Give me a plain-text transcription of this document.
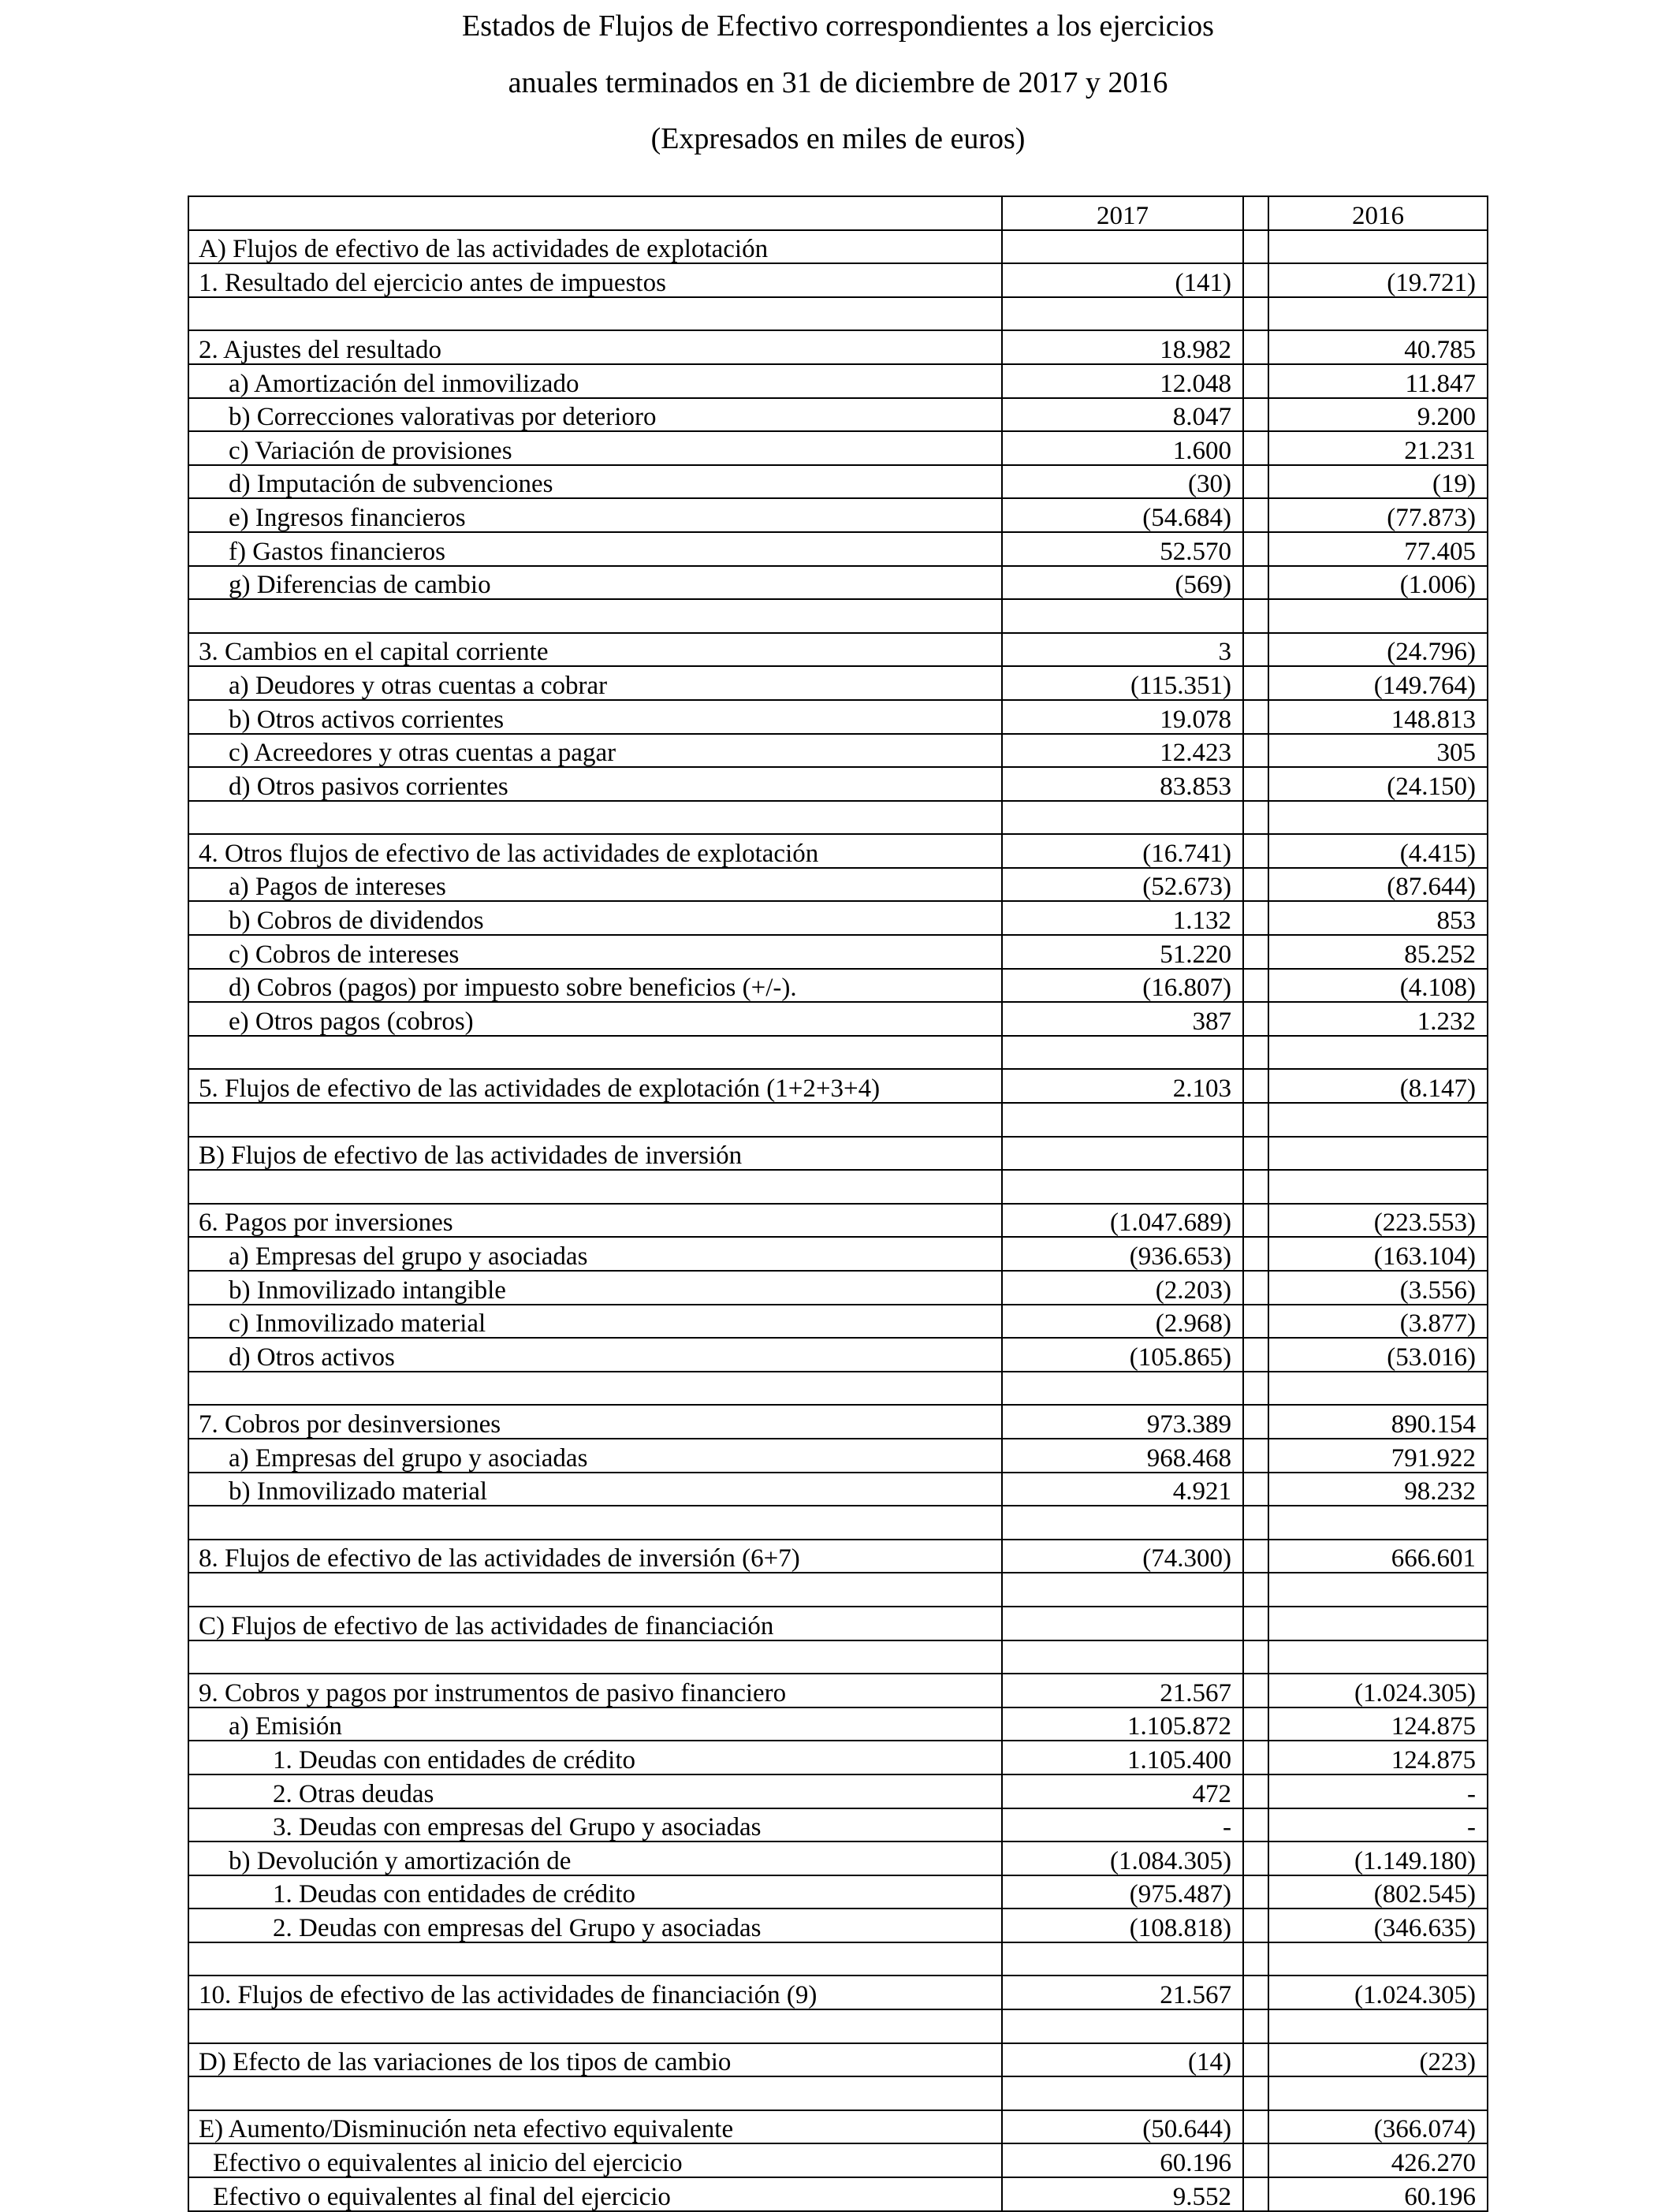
Estados de Flujos de Efectivo correspondientes a los ejercicios
anuales terminados en 31 de diciembre de 2017 y 2016
(Expresados en miles de euros)
	2017		2016
A) Flujos de efectivo de las actividades de explotación			
1. Resultado del ejercicio antes de impuestos	(141)		(19.721)

2. Ajustes del resultado	18.982		40.785
a) Amortización del inmovilizado	12.048		11.847
b) Correcciones valorativas por deterioro	8.047		9.200
c) Variación de provisiones	1.600		21.231
d) Imputación de subvenciones	(30)		(19)
e) Ingresos financieros	(54.684)		(77.873)
f) Gastos financieros	52.570		77.405
g) Diferencias de cambio	(569)		(1.006)

3. Cambios en el capital corriente	3		(24.796)
a) Deudores y otras cuentas a cobrar	(115.351)		(149.764)
b) Otros activos corrientes	19.078		148.813
c) Acreedores y otras cuentas a pagar	12.423		305
d) Otros pasivos corrientes	83.853		(24.150)

4. Otros flujos de efectivo de las actividades de explotación	(16.741)		(4.415)
a) Pagos de intereses	(52.673)		(87.644)
b) Cobros de dividendos	1.132		853
c) Cobros de intereses	51.220		85.252
d) Cobros (pagos) por impuesto sobre beneficios (+/-).	(16.807)		(4.108)
e) Otros pagos (cobros)	387		1.232

5. Flujos de efectivo de las actividades de explotación (1+2+3+4)	2.103		(8.147)

B) Flujos de efectivo de las actividades de inversión			

6. Pagos por inversiones	(1.047.689)		(223.553)
a) Empresas del grupo y asociadas	(936.653)		(163.104)
b) Inmovilizado intangible	(2.203)		(3.556)
c) Inmovilizado material	(2.968)		(3.877)
d) Otros activos	(105.865)		(53.016)

7. Cobros por desinversiones	973.389		890.154
a) Empresas del grupo y asociadas	968.468		791.922
b) Inmovilizado material	4.921		98.232

8. Flujos de efectivo de las actividades de inversión (6+7)	(74.300)		666.601

C) Flujos de efectivo de las actividades de financiación			

9. Cobros y pagos por instrumentos de pasivo financiero	21.567		(1.024.305)
a) Emisión	1.105.872		124.875
1. Deudas con entidades de crédito	1.105.400		124.875
2. Otras deudas	472		-
3. Deudas con empresas del Grupo y asociadas	-		-
b) Devolución y amortización de	(1.084.305)		(1.149.180)
1. Deudas con entidades de crédito	(975.487)		(802.545)
2. Deudas con empresas del Grupo y asociadas	(108.818)		(346.635)

10. Flujos de efectivo de las actividades de financiación (9)	21.567		(1.024.305)

D) Efecto de las variaciones de los tipos de cambio	(14)		(223)

E) Aumento/Disminución neta efectivo equivalente	(50.644)		(366.074)
Efectivo o equivalentes al inicio del ejercicio	60.196		426.270
Efectivo o equivalentes al final del ejercicio	9.552		60.196
